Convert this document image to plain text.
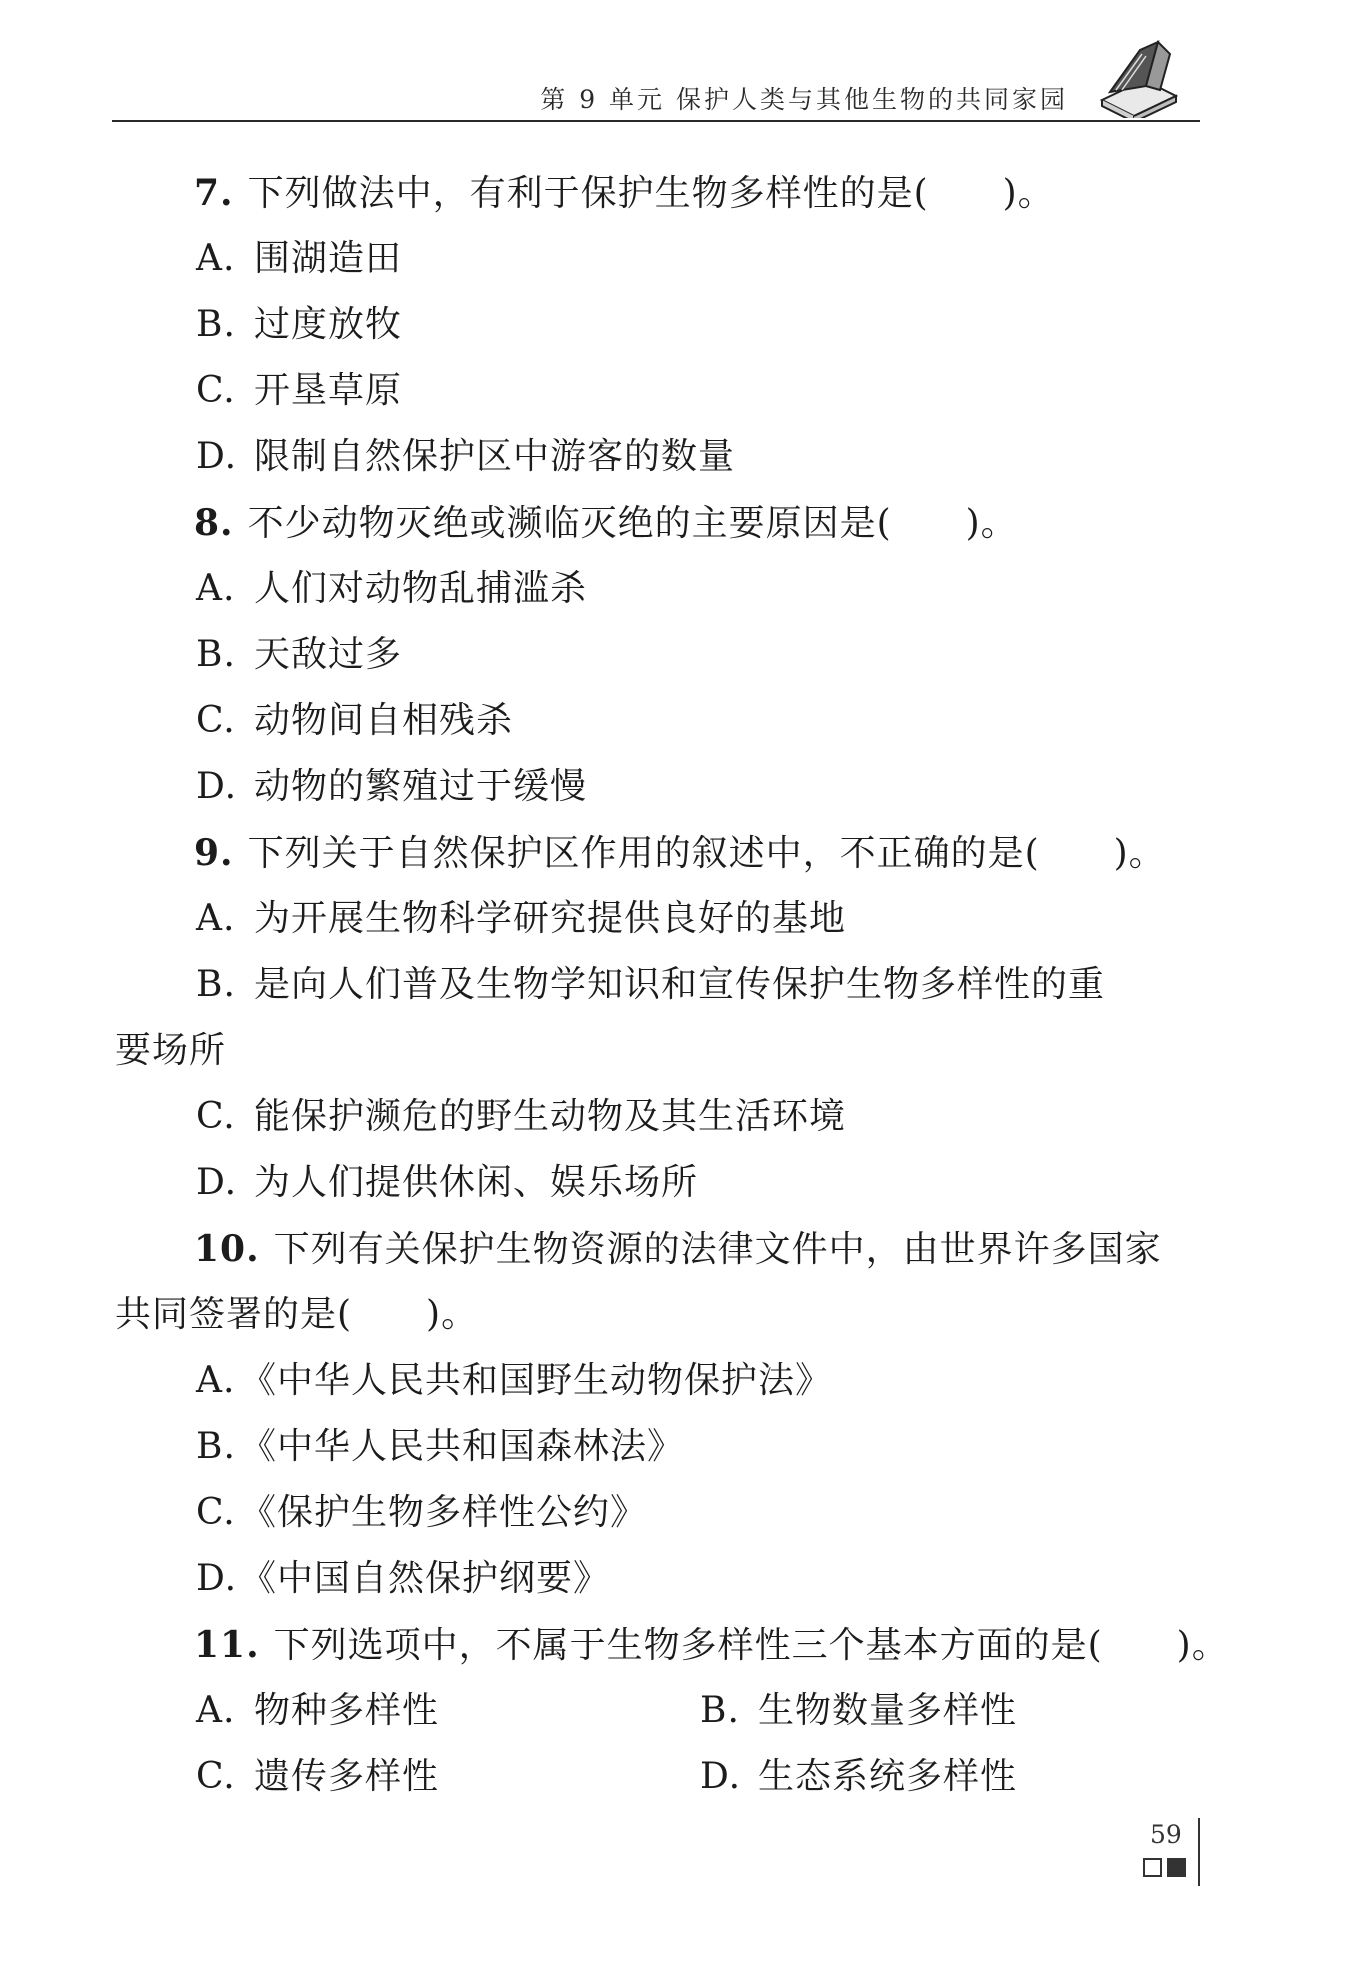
第 9 单元 保护人类与其他生物的共同家园
7. 下列做法中，有利于保护生物多样性的是(　　)。
A. 围湖造田
B. 过度放牧
C. 开垦草原
D. 限制自然保护区中游客的数量
8. 不少动物灭绝或濒临灭绝的主要原因是(　　)。
A. 人们对动物乱捕滥杀
B. 天敌过多
C. 动物间自相残杀
D. 动物的繁殖过于缓慢
9. 下列关于自然保护区作用的叙述中，不正确的是(　　)。
A. 为开展生物科学研究提供良好的基地
B. 是向人们普及生物学知识和宣传保护生物多样性的重
要场所
C. 能保护濒危的野生动物及其生活环境
D. 为人们提供休闲、娱乐场所
10. 下列有关保护生物资源的法律文件中，由世界许多国家
共同签署的是(　　)。
A. 《中华人民共和国野生动物保护法》
B. 《中华人民共和国森林法》
C. 《保护生物多样性公约》
D.《中国自然保护纲要》
11. 下列选项中，不属于生物多样性三个基本方面的是(　　)。
A. 物种多样性	B. 生物数量多样性
C. 遗传多样性	D. 生态系统多样性
59
